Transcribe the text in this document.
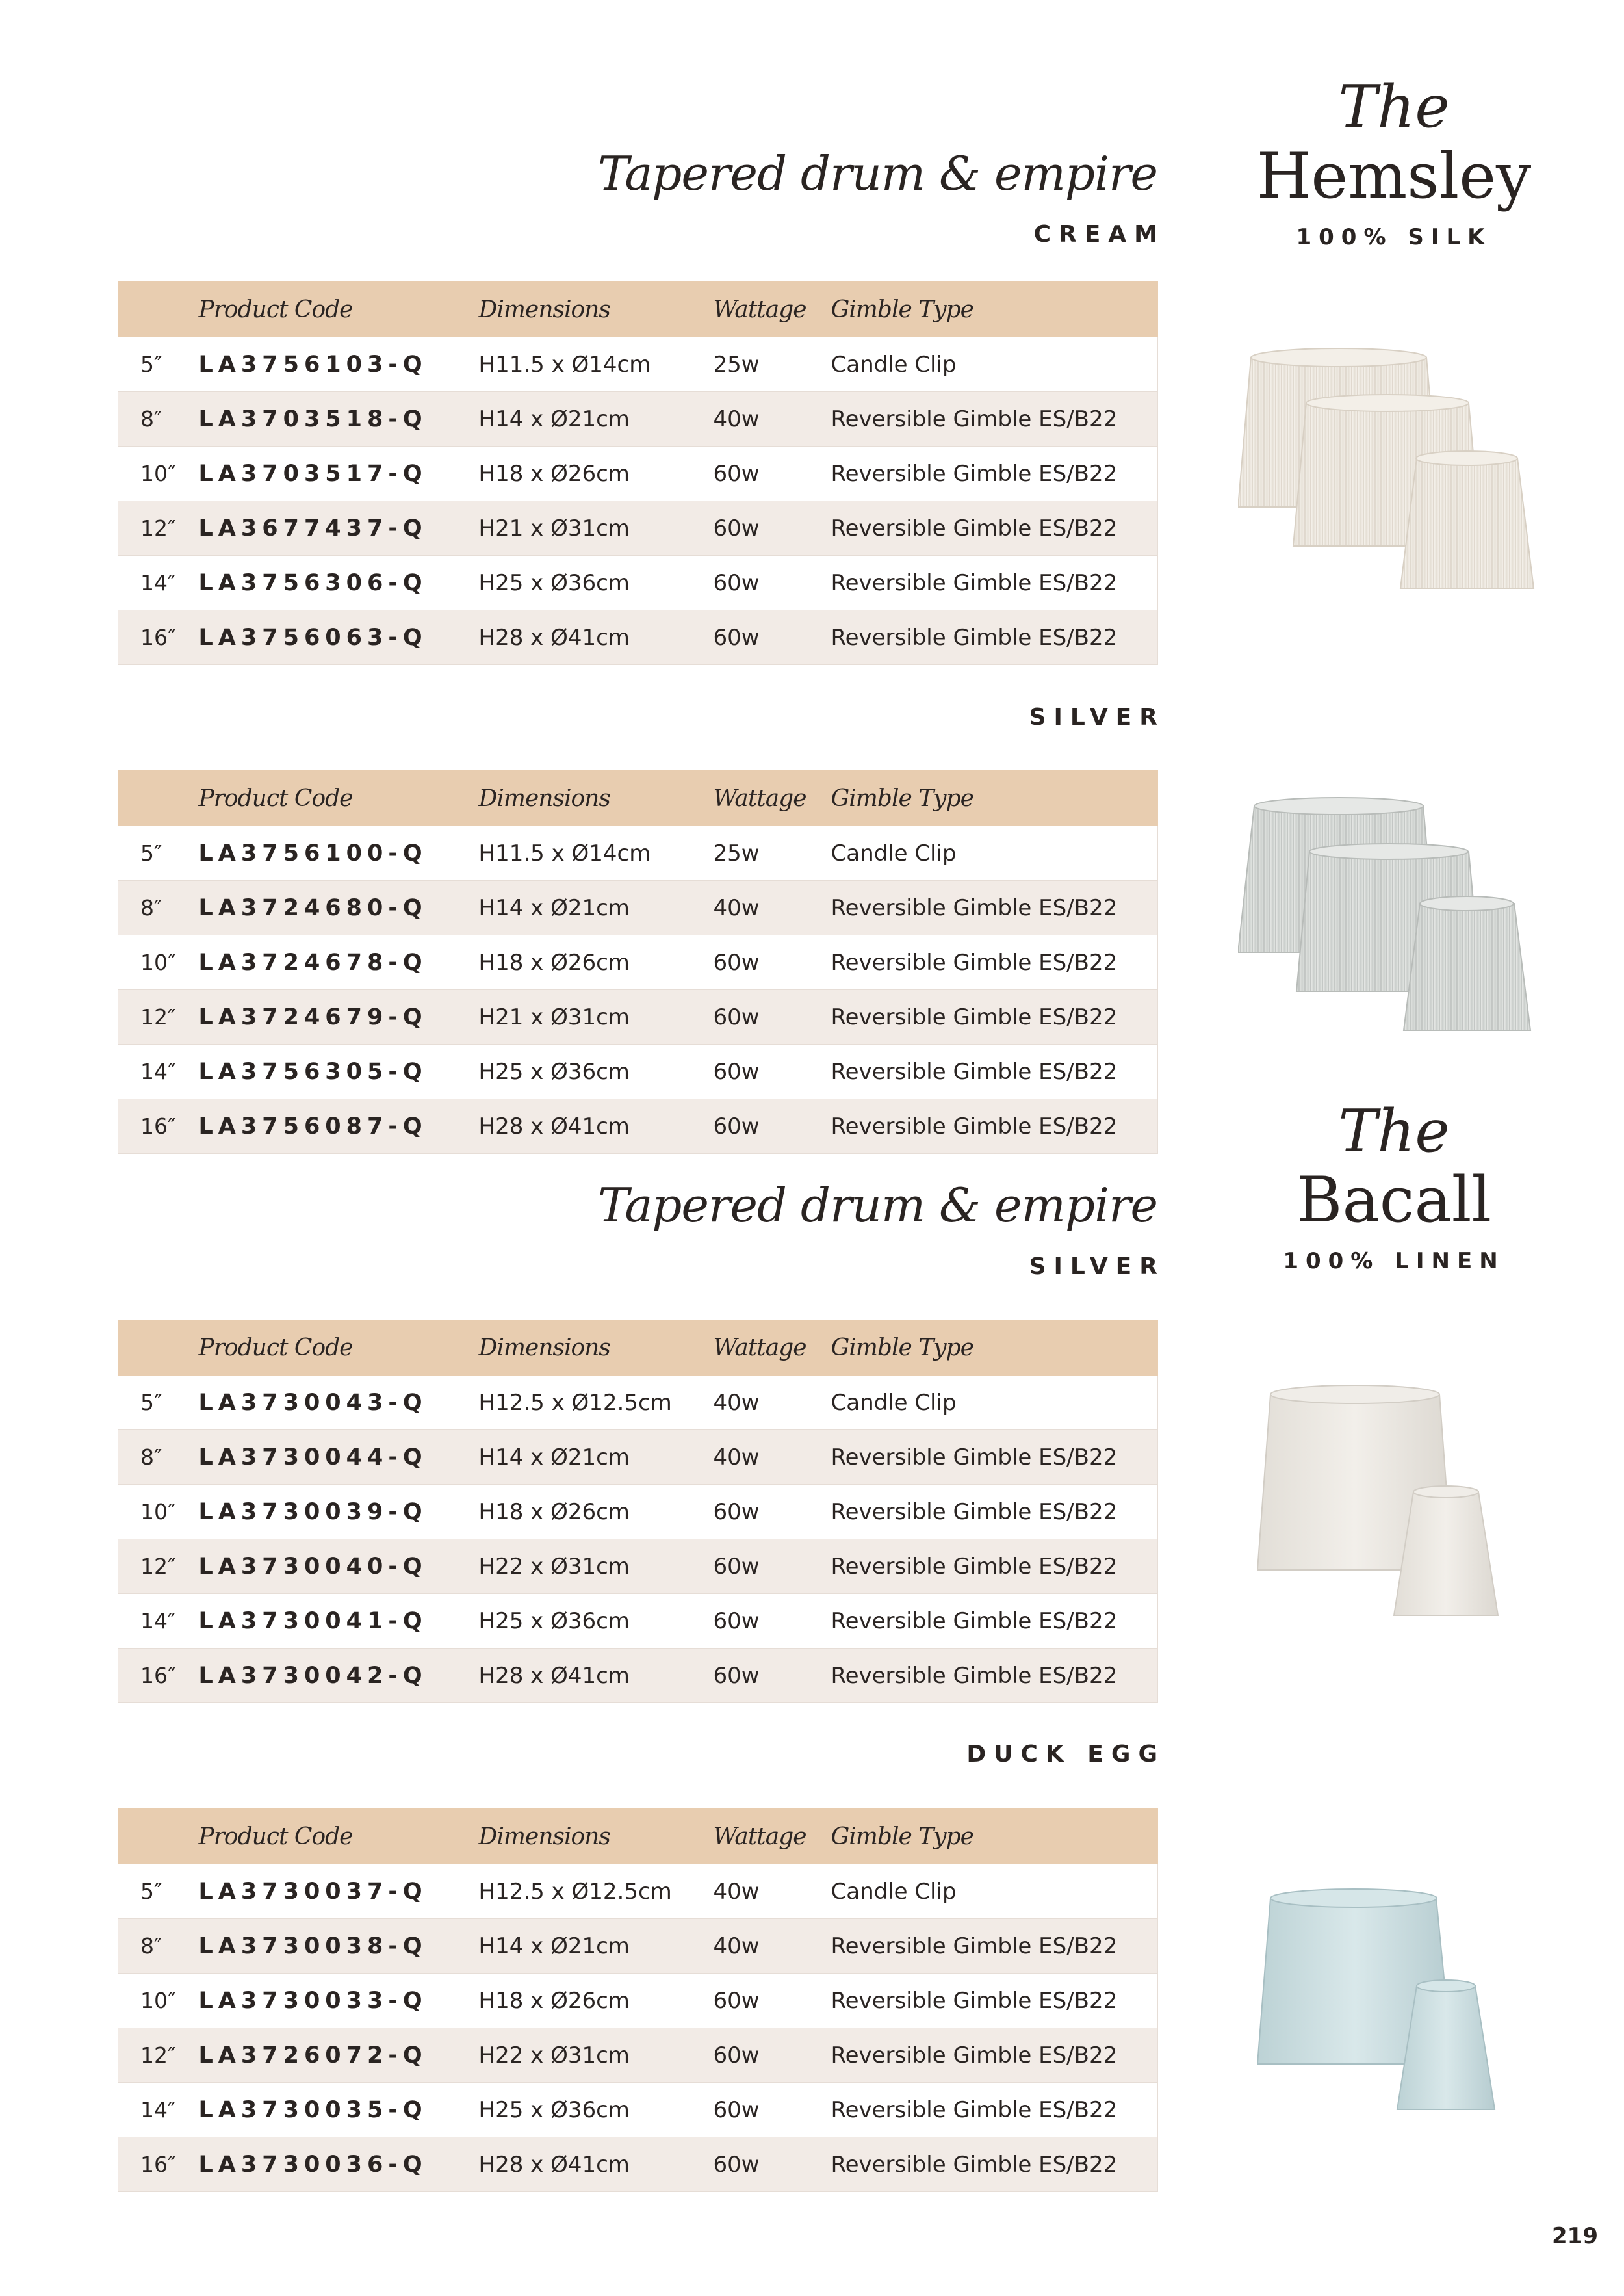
Tapered drum & empire
CREAM
	Product Code	Dimensions	Wattage	Gimble Type
5″	LA3756103-Q	H11.5 x Ø14cm	25w	Candle Clip
8″	LA3703518-Q	H14 x Ø21cm	40w	Reversible Gimble ES/B22
10″	LA3703517-Q	H18 x Ø26cm	60w	Reversible Gimble ES/B22
12″	LA3677437-Q	H21 x Ø31cm	60w	Reversible Gimble ES/B22
14″	LA3756306-Q	H25 x Ø36cm	60w	Reversible Gimble ES/B22
16″	LA3756063-Q	H28 x Ø41cm	60w	Reversible Gimble ES/B22
SILVER
	Product Code	Dimensions	Wattage	Gimble Type
5″	LA3756100-Q	H11.5 x Ø14cm	25w	Candle Clip
8″	LA3724680-Q	H14 x Ø21cm	40w	Reversible Gimble ES/B22
10″	LA3724678-Q	H18 x Ø26cm	60w	Reversible Gimble ES/B22
12″	LA3724679-Q	H21 x Ø31cm	60w	Reversible Gimble ES/B22
14″	LA3756305-Q	H25 x Ø36cm	60w	Reversible Gimble ES/B22
16″	LA3756087-Q	H28 x Ø41cm	60w	Reversible Gimble ES/B22
Tapered drum & empire
SILVER
	Product Code	Dimensions	Wattage	Gimble Type
5″	LA3730043-Q	H12.5 x Ø12.5cm	40w	Candle Clip
8″	LA3730044-Q	H14 x Ø21cm	40w	Reversible Gimble ES/B22
10″	LA3730039-Q	H18 x Ø26cm	60w	Reversible Gimble ES/B22
12″	LA3730040-Q	H22 x Ø31cm	60w	Reversible Gimble ES/B22
14″	LA3730041-Q	H25 x Ø36cm	60w	Reversible Gimble ES/B22
16″	LA3730042-Q	H28 x Ø41cm	60w	Reversible Gimble ES/B22
DUCK EGG
	Product Code	Dimensions	Wattage	Gimble Type
5″	LA3730037-Q	H12.5 x Ø12.5cm	40w	Candle Clip
8″	LA3730038-Q	H14 x Ø21cm	40w	Reversible Gimble ES/B22
10″	LA3730033-Q	H18 x Ø26cm	60w	Reversible Gimble ES/B22
12″	LA3726072-Q	H22 x Ø31cm	60w	Reversible Gimble ES/B22
14″	LA3730035-Q	H25 x Ø36cm	60w	Reversible Gimble ES/B22
16″	LA3730036-Q	H28 x Ø41cm	60w	Reversible Gimble ES/B22
The
Hemsley
100% SILK
The
Bacall
100% LINEN
219
